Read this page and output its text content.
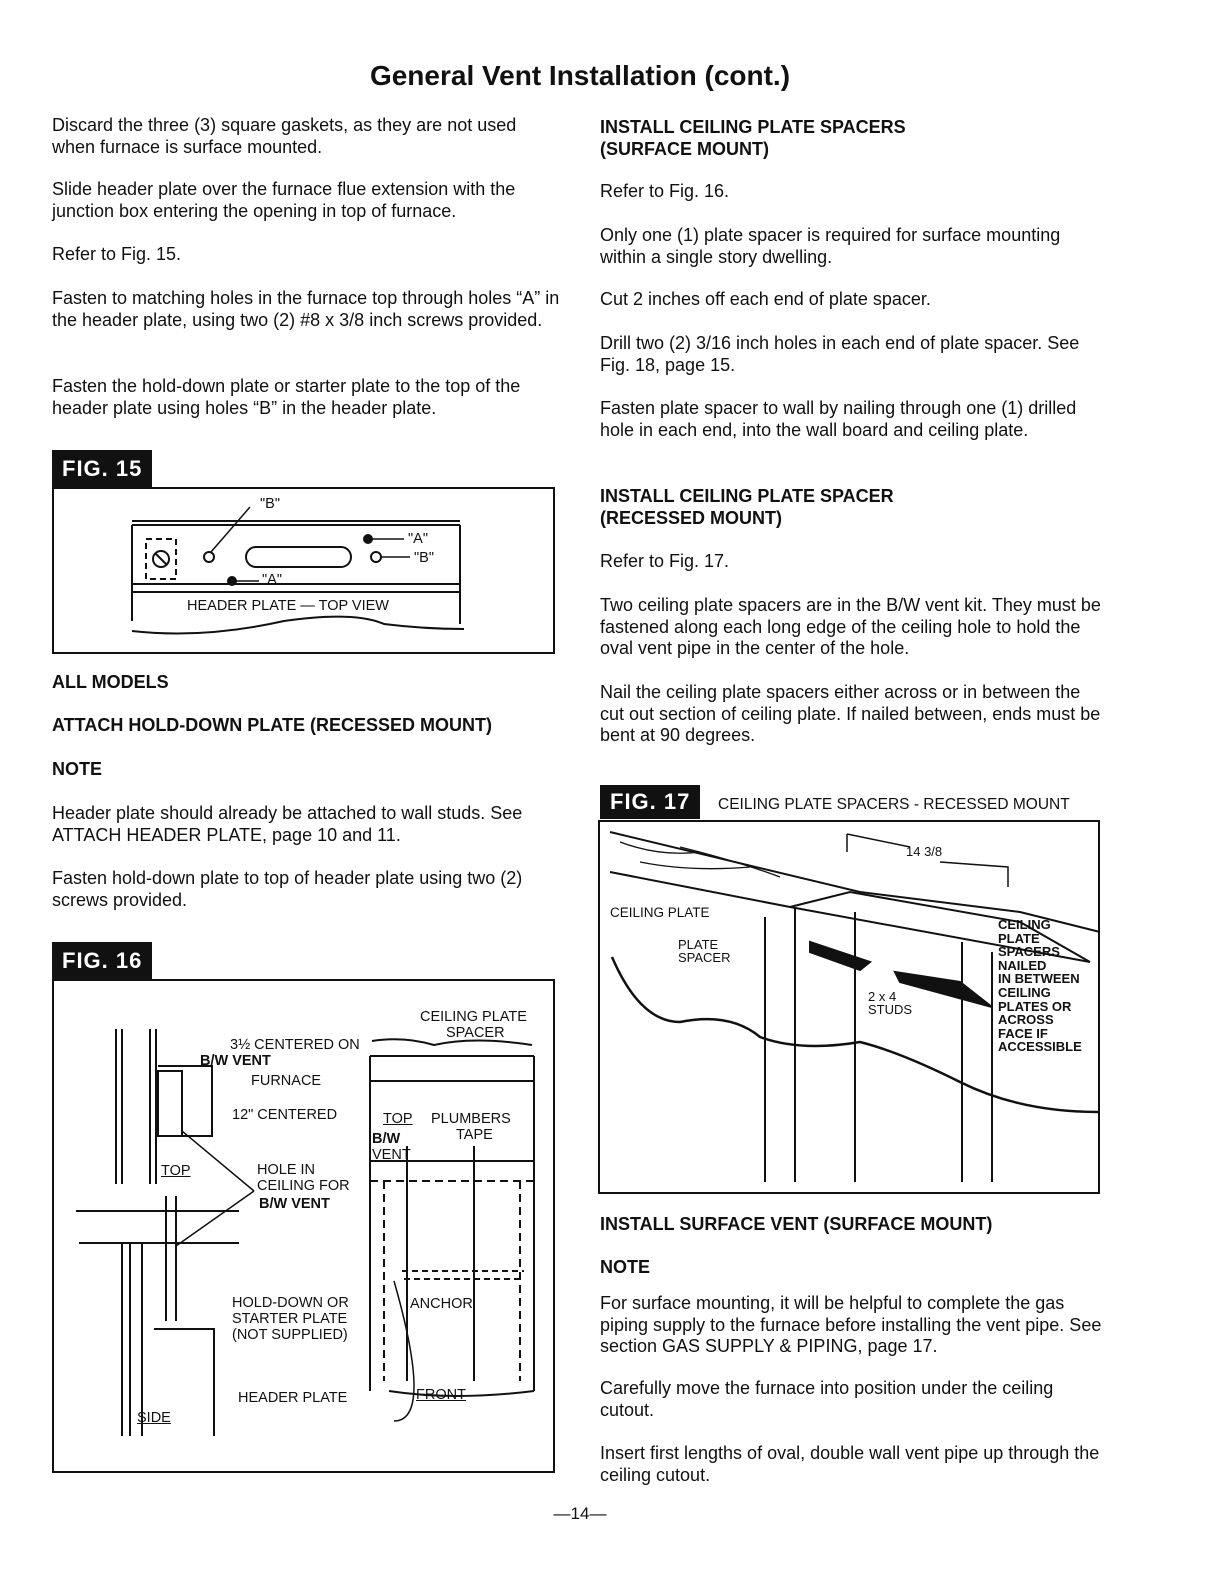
General Vent Installation (cont.)

Discard the three (3) square gaskets, as they are not used when furnace is surface mounted.

Slide header plate over the furnace flue extension with the junction box entering the opening in top of furnace.

Refer to Fig. 15.

Fasten to matching holes in the furnace top through holes “A” in the header plate, using two (2) #8 x 3/8 inch screws provided.

Fasten the hold-down plate or starter plate to the top of the header plate using holes “B” in the header plate.

FIG. 15
"B"
"A"
"B"
"A"
HEADER PLATE — TOP VIEW

ALL MODELS

ATTACH HOLD-DOWN PLATE (RECESSED MOUNT)

NOTE

Header plate should already be attached to wall studs. See ATTACH HEADER PLATE, page 10 and 11.

Fasten hold-down plate to top of header plate using two (2) screws provided.

FIG. 16
3½ CENTERED ON
B/W VENT
FURNACE
12" CENTERED
TOP	HOLE IN
CEILING FOR
B/W VENT
HOLD-DOWN OR
STARTER PLATE
(NOT SUPPLIED)
HEADER PLATE
SIDE
CEILING PLATE
SPACER
TOP PLUMBERS
TAPE
B/W
VENT
ANCHOR
FRONT

INSTALL CEILING PLATE SPACERS (SURFACE MOUNT)

Refer to Fig. 16.

Only one (1) plate spacer is required for surface mounting within a single story dwelling.

Cut 2 inches off each end of plate spacer.

Drill two (2) 3/16 inch holes in each end of plate spacer. See Fig. 18, page 15.

Fasten plate spacer to wall by nailing through one (1) drilled hole in each end, into the wall board and ceiling plate.

INSTALL CEILING PLATE SPACER (RECESSED MOUNT)

Refer to Fig. 17.

Two ceiling plate spacers are in the B/W vent kit. They must be fastened along each long edge of the ceiling hole to hold the oval vent pipe in the center of the hole.

Nail the ceiling plate spacers either across or in between the cut out section of ceiling plate. If nailed between, ends must be bent at 90 degrees.

FIG. 17	CEILING PLATE SPACERS - RECESSED MOUNT
14 3/8
CEILING PLATE
PLATE
SPACER
2 x 4
STUDS
CEILING
PLATE
SPACERS
NAILED
IN BETWEEN
CEILING
PLATES OR
ACROSS
FACE IF
ACCESSIBLE

INSTALL SURFACE VENT (SURFACE MOUNT)

NOTE

For surface mounting, it will be helpful to complete the gas piping supply to the furnace before installing the vent pipe. See section GAS SUPPLY & PIPING, page 17.

Carefully move the furnace into position under the ceiling cutout.

Insert first lengths of oval, double wall vent pipe up through the ceiling cutout.

—14—
